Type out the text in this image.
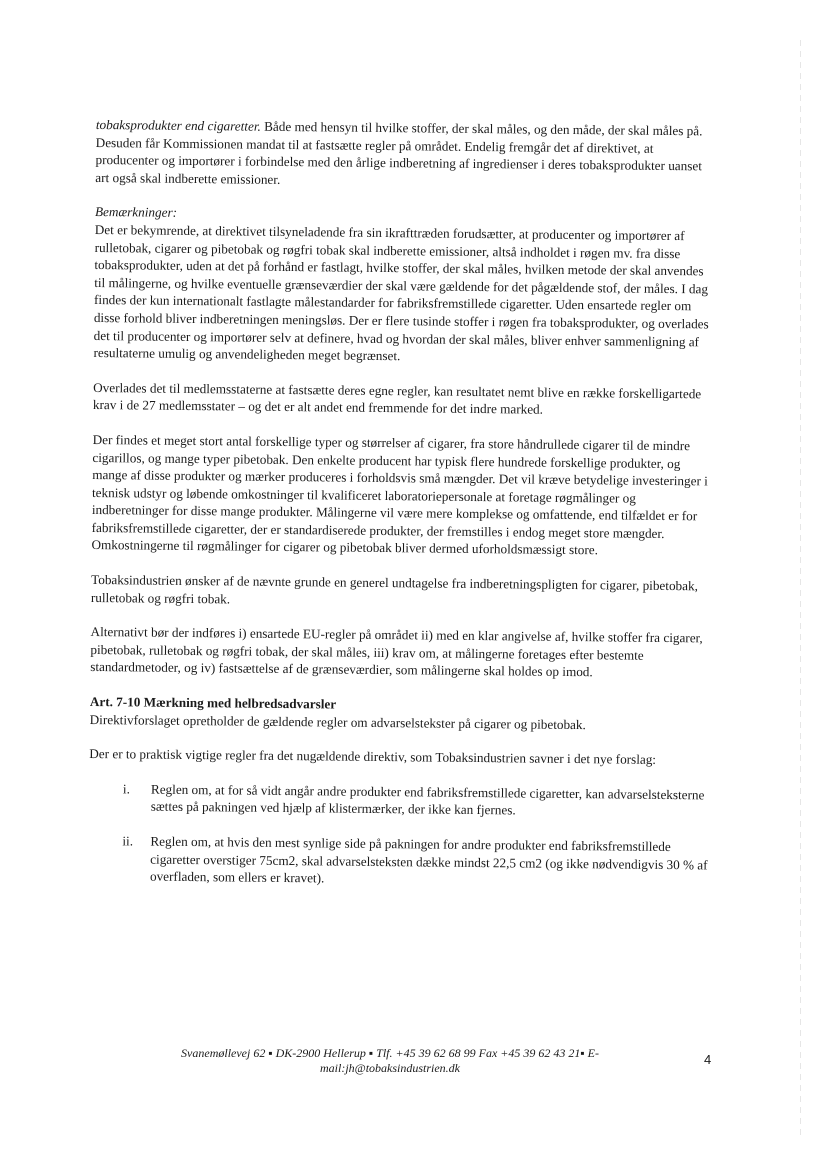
tobaksprodukter end cigaretter. Både med hensyn til hvilke stoffer, der skal måles, og den måde, der skal måles på. Desuden får Kommissionen mandat til at fastsætte regler på området. Endelig fremgår det af direktivet, at producenter og importører i forbindelse med den årlige indberetning af ingredienser i deres tobaksprodukter uanset art også skal indberette emissioner.

Bemærkninger:

Det er bekymrende, at direktivet tilsyneladende fra sin ikrafttræden forudsætter, at producenter og importører af rulletobak, cigarer og pibetobak og røgfri tobak skal indberette emissioner, altså indholdet i røgen mv. fra disse tobaksprodukter, uden at det på forhånd er fastlagt, hvilke stoffer, der skal måles, hvilken metode der skal anvendes til målingerne, og hvilke eventuelle grænseværdier der skal være gældende for det pågældende stof, der måles. I dag findes der kun internationalt fastlagte målestandarder for fabriksfremstillede cigaretter. Uden ensartede regler om disse forhold bliver indberetningen meningsløs. Der er flere tusinde stoffer i røgen fra tobaksprodukter, og overlades det til producenter og importører selv at definere, hvad og hvordan der skal måles, bliver enhver sammenligning af resultaterne umulig og anvendeligheden meget begrænset.

Overlades det til medlemsstaterne at fastsætte deres egne regler, kan resultatet nemt blive en række forskelligartede krav i de 27 medlemsstater – og det er alt andet end fremmende for det indre marked.

Der findes et meget stort antal forskellige typer og størrelser af cigarer, fra store håndrullede cigarer til de mindre cigarillos, og mange typer pibetobak. Den enkelte producent har typisk flere hundrede forskellige produkter, og mange af disse produkter og mærker produceres i forholdsvis små mængder. Det vil kræve betydelige investeringer i teknisk udstyr og løbende omkostninger til kvalificeret laboratoriepersonale at foretage røgmålinger og indberetninger for disse mange produkter. Målingerne vil være mere komplekse og omfattende, end tilfældet er for fabriksfremstillede cigaretter, der er standardiserede produkter, der fremstilles i endog meget store mængder. Omkostningerne til røgmålinger for cigarer og pibetobak bliver dermed uforholdsmæssigt store.

Tobaksindustrien ønsker af de nævnte grunde en generel undtagelse fra indberetningspligten for cigarer, pibetobak, rulletobak og røgfri tobak.

Alternativt bør der indføres i) ensartede EU-regler på området ii) med en klar angivelse af, hvilke stoffer fra cigarer, pibetobak, rulletobak og røgfri tobak, der skal måles, iii) krav om, at målingerne foretages efter bestemte standardmetoder, og iv) fastsættelse af de grænseværdier, som målingerne skal holdes op imod.

Art. 7-10 Mærkning med helbredsadvarsler

Direktivforslaget opretholder de gældende regler om advarselstekster på cigarer og pibetobak.

Der er to praktisk vigtige regler fra det nugældende direktiv, som Tobaksindustrien savner i det nye forslag:

i. Reglen om, at for så vidt angår andre produkter end fabriksfremstillede cigaretter, kan advarselsteksterne sættes på pakningen ved hjælp af klistermærker, der ikke kan fjernes.
ii. Reglen om, at hvis den mest synlige side på pakningen for andre produkter end fabriksfremstillede cigaretter overstiger 75cm2, skal advarselsteksten dække mindst 22,5 cm2 (og ikke nødvendigvis 30 % af overfladen, som ellers er kravet).
Svanemøllevej 62 ▪ DK-2900 Hellerup ▪ Tlf. +45 39 62 68 99 Fax +45 39 62 43 21▪ E-mail:jh@tobaksindustrien.dk
4
